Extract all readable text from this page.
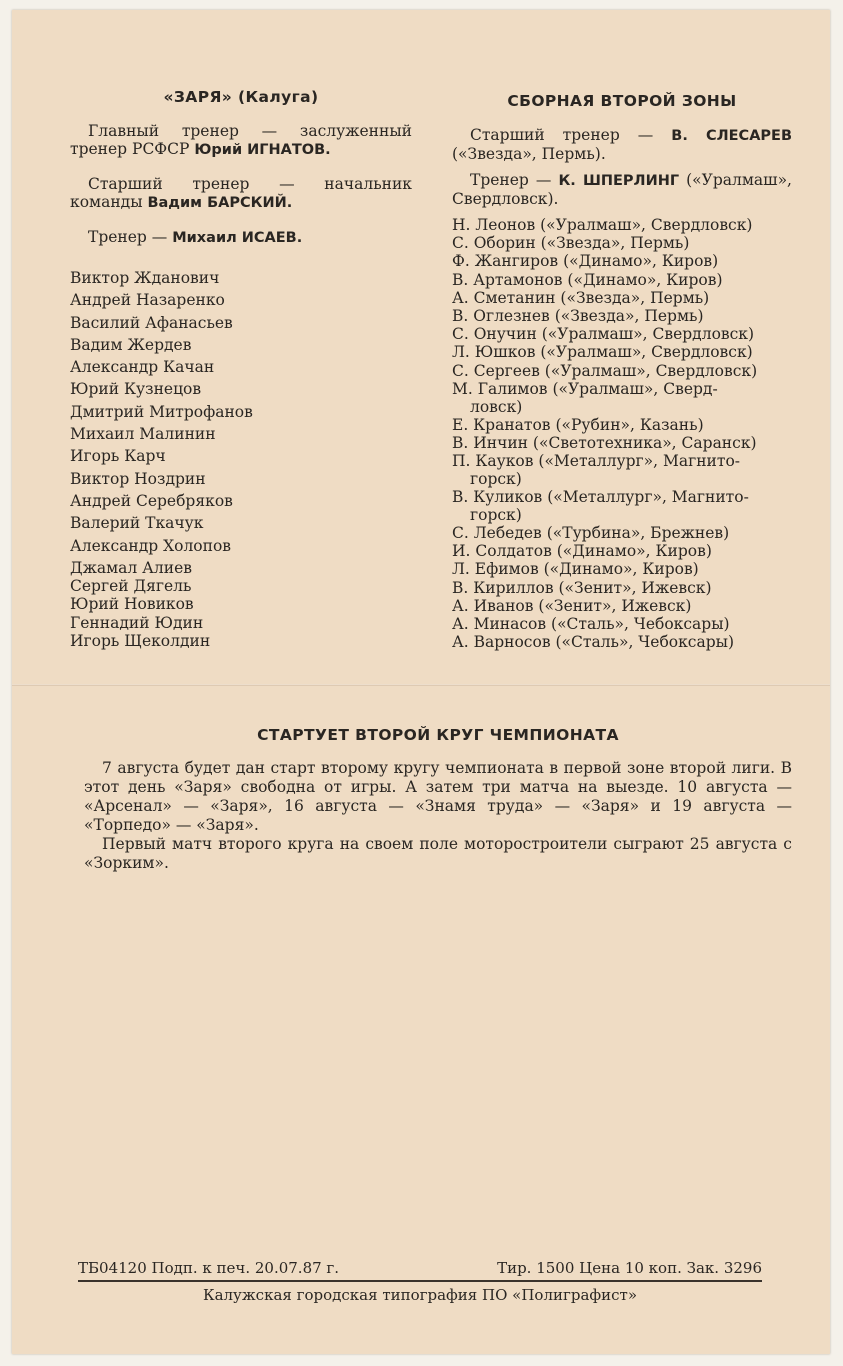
«ЗАРЯ» (Калуга)
Главный тренер — заслуженный тренер РСФСР Юрий ИГНАТОВ.
Старший тренер — начальник команды Вадим БАРСКИЙ.
Тренер — Михаил ИСАЕВ.
Виктор Жданович
Андрей Назаренко
Василий Афанасьев
Вадим Жердев
Александр Качан
Юрий Кузнецов
Дмитрий Митрофанов
Михаил Малинин
Игорь Карч
Виктор Ноздрин
Андрей Серебряков
Валерий Ткачук
Александр Холопов
Джамал Алиев
Сергей Дягель
Юрий Новиков
Геннадий Юдин
Игорь Щеколдин
СБОРНАЯ ВТОРОЙ ЗОНЫ
Старший тренер — В. СЛЕСАРЕВ («Звезда», Пермь).
Тренер — К. ШПЕРЛИНГ («Уралмаш», Свердловск).
Н. Леонов («Уралмаш», Свердловск)
С. Оборин («Звезда», Пермь)
Ф. Жангиров («Динамо», Киров)
В. Артамонов («Динамо», Киров)
А. Сметанин («Звезда», Пермь)
В. Оглезнев («Звезда», Пермь)
С. Онучин («Уралмаш», Свердловск)
Л. Юшков («Уралмаш», Свердловск)
С. Сергеев («Уралмаш», Свердловск)
М. Галимов («Уралмаш», Сверд-
ловск)
Е. Кранатов («Рубин», Казань)
В. Инчин («Светотехника», Саранск)
П. Кауков («Металлург», Магнито-
горск)
В. Куликов («Металлург», Магнито-
горск)
С. Лебедев («Турбина», Брежнев)
И. Солдатов («Динамо», Киров)
Л. Ефимов («Динамо», Киров)
В. Кириллов («Зенит», Ижевск)
А. Иванов («Зенит», Ижевск)
А. Минасов («Сталь», Чебоксары)
А. Варносов («Сталь», Чебоксары)
СТАРТУЕТ ВТОРОЙ КРУГ ЧЕМПИОНАТА
7 августа будет дан старт второму кругу чемпионата в первой зоне второй лиги. В этот день «Заря» свободна от игры. А затем три матча на выезде. 10 августа — «Арсенал» — «Заря», 16 августа — «Знамя труда» — «Заря» и 19 августа — «Торпедо» — «Заря».
Первый матч второго круга на своем поле моторостроители сыграют 25 августа с «Зорким».
ТБ04120 Подп. к печ. 20.07.87 г.	Тир. 1500 Цена 10 коп. Зак. 3296
Калужская городская типография ПО «Полиграфист»
